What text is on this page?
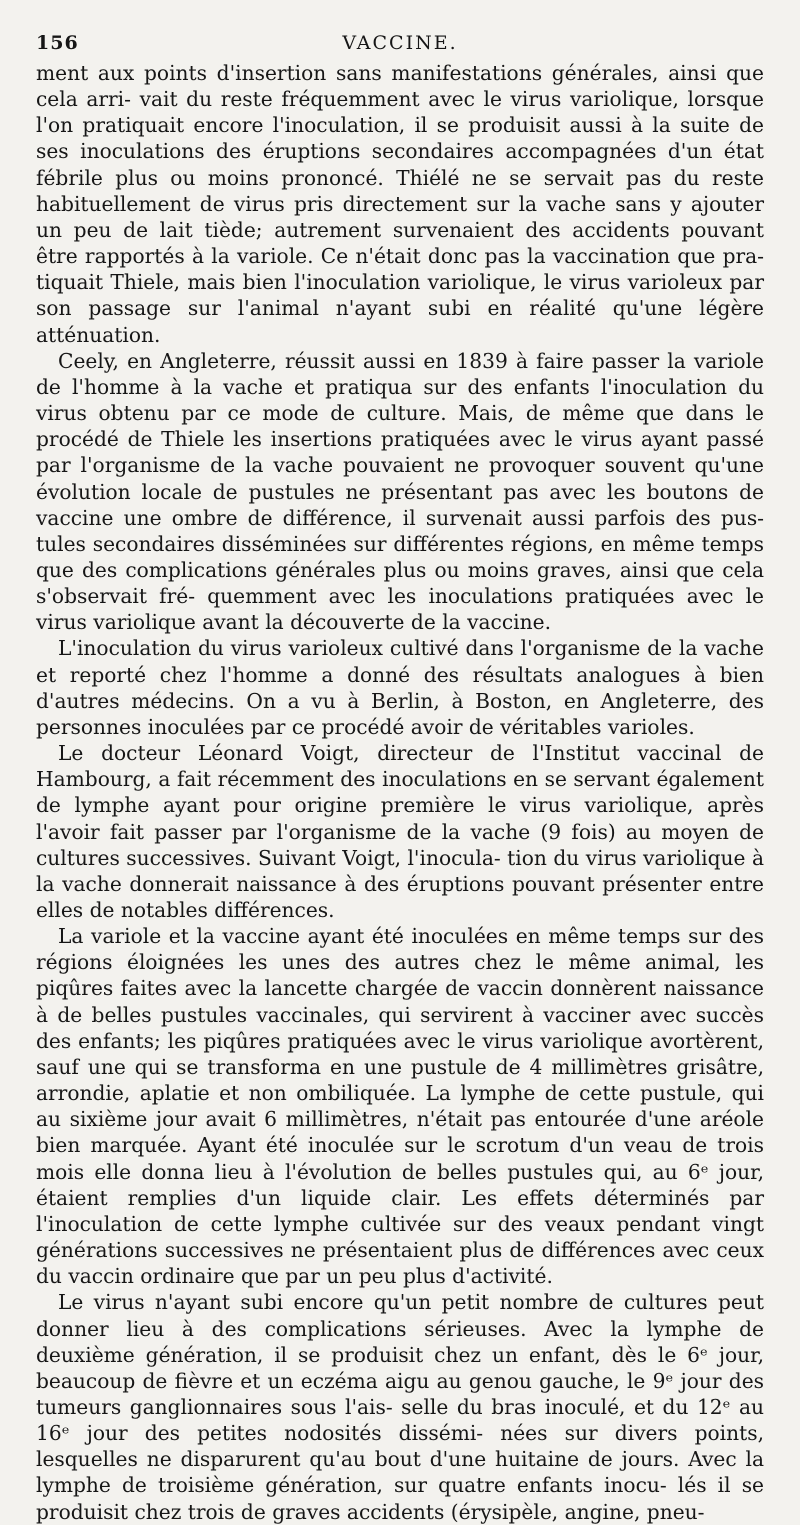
156	VACCINE.

ment aux points d'insertion sans manifestations générales, ainsi que cela arri- vait du reste fréquemment avec le virus variolique, lorsque l'on pratiquait encore l'inoculation, il se produisit aussi à la suite de ses inoculations des éruptions secondaires accompagnées d'un état fébrile plus ou moins prononcé. Thiélé ne se servait pas du reste habituellement de virus pris directement sur la vache sans y ajouter un peu de lait tiède; autrement survenaient des accidents pouvant être rapportés à la variole. Ce n'était donc pas la vaccination que pra- tiquait Thiele, mais bien l'inoculation variolique, le virus varioleux par son passage sur l'animal n'ayant subi en réalité qu'une légère atténuation.

Ceely, en Angleterre, réussit aussi en 1839 à faire passer la variole de l'homme à la vache et pratiqua sur des enfants l'inoculation du virus obtenu par ce mode de culture. Mais, de même que dans le procédé de Thiele les insertions pratiquées avec le virus ayant passé par l'organisme de la vache pouvaient ne provoquer souvent qu'une évolution locale de pustules ne présentant pas avec les boutons de vaccine une ombre de différence, il survenait aussi parfois des pus- tules secondaires disséminées sur différentes régions, en même temps que des complications générales plus ou moins graves, ainsi que cela s'observait fré- quemment avec les inoculations pratiquées avec le virus variolique avant la découverte de la vaccine.

L'inoculation du virus varioleux cultivé dans l'organisme de la vache et reporté chez l'homme a donné des résultats analogues à bien d'autres médecins. On a vu à Berlin, à Boston, en Angleterre, des personnes inoculées par ce procédé avoir de véritables varioles.

Le docteur Léonard Voigt, directeur de l'Institut vaccinal de Hambourg, a fait récemment des inoculations en se servant également de lymphe ayant pour origine première le virus variolique, après l'avoir fait passer par l'organisme de la vache (9 fois) au moyen de cultures successives. Suivant Voigt, l'inocula- tion du virus variolique à la vache donnerait naissance à des éruptions pouvant présenter entre elles de notables différences.

La variole et la vaccine ayant été inoculées en même temps sur des régions éloignées les unes des autres chez le même animal, les piqûres faites avec la lancette chargée de vaccin donnèrent naissance à de belles pustules vaccinales, qui servirent à vacciner avec succès des enfants; les piqûres pratiquées avec le virus variolique avortèrent, sauf une qui se transforma en une pustule de 4 millimètres grisâtre, arrondie, aplatie et non ombiliquée. La lymphe de cette pustule, qui au sixième jour avait 6 millimètres, n'était pas entourée d'une aréole bien marquée. Ayant été inoculée sur le scrotum d'un veau de trois mois elle donna lieu à l'évolution de belles pustules qui, au 6ᵉ jour, étaient remplies d'un liquide clair. Les effets déterminés par l'inoculation de cette lymphe cultivée sur des veaux pendant vingt générations successives ne présentaient plus de différences avec ceux du vaccin ordinaire que par un peu plus d'activité.

Le virus n'ayant subi encore qu'un petit nombre de cultures peut donner lieu à des complications sérieuses. Avec la lymphe de deuxième génération, il se produisit chez un enfant, dès le 6ᵉ jour, beaucoup de fièvre et un eczéma aigu au genou gauche, le 9ᵉ jour des tumeurs ganglionnaires sous l'ais- selle du bras inoculé, et du 12ᵉ au 16ᵉ jour des petites nodosités dissémi- nées sur divers points, lesquelles ne disparurent qu'au bout d'une huitaine de jours. Avec la lymphe de troisième génération, sur quatre enfants inocu- lés il se produisit chez trois de graves accidents (érysipèle, angine, pneu-
